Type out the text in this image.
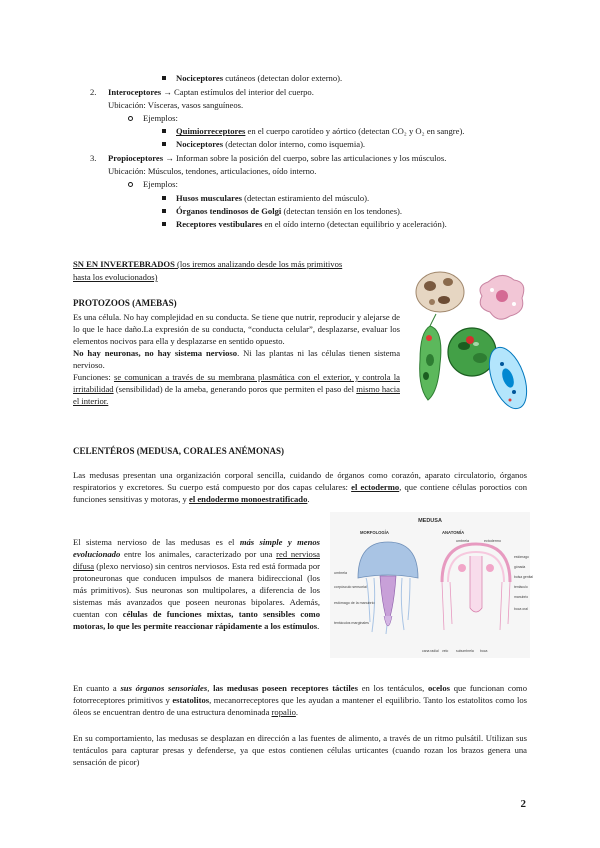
Nociceptores cutáneos (detectan dolor externo).
2. Interoceptores → Captan estímulos del interior del cuerpo.
Ubicación: Vísceras, vasos sanguíneos.
Ejemplos:
Quimiorreceptores en el cuerpo carotídeo y aórtico (detectan CO₂ y O₂ en sangre).
Nociceptores (detectan dolor interno, como isquemia).
3. Propioceptores → Informan sobre la posición del cuerpo, sobre las articulaciones y los músculos.
Ubicación: Músculos, tendones, articulaciones, oído interno.
Ejemplos:
Husos musculares (detectan estiramiento del músculo).
Órganos tendinosos de Golgi (detectan tensión en los tendones).
Receptores vestibulares en el oído interno (detectan equilibrio y aceleración).
SN EN INVERTEBRADOS (los iremos analizando desde los más primitivos
hasta los evolucionados)
PROTOZOOS (AMEBAS)

Es una célula. No hay complejidad en su conducta. Se tiene que nutrir, reproducir y alejarse de lo que le hace daño.La expresión de su conducta, “conducta celular”, desplazarse, evaluar los elementos nocivos para ella y desplazarse en sentido opuesto.

No hay neuronas, no hay sistema nervioso. Ni las plantas ni las células tienen sistema nervioso.

Funciones: se comunican a través de su membrana plasmática con el exterior, y controla la irritabilidad (sensibilidad) de la ameba, generando poros que permiten el paso del mismo hacia el interior.

CELENTÉROS (MEDUSA, CORALES ANÉMONAS)

Las medusas presentan una organización corporal sencilla, cuidando de órganos como corazón, aparato circulatorio, órganos respiratorios y excretores. Su cuerpo está compuesto por dos capas celulares: el ectodermo, que contiene células poroctios con funciones sensitivas y motoras, y el endodermo monoestratificado.

El sistema nervioso de las medusas es el más simple y menos evolucionado entre los animales, caracterizado por una red nerviosa difusa (plexo nervioso) sin centros nerviosos. Esta red está formada por protoneuronas que conducen impulsos de manera bidireccional (los más primitivos). Sus neuronas son multipolares, a diferencia de los sistemas más avanzados que poseen neuronas bipolares. Además, cuentan con células de funciones mixtas, tanto sensibles como motoras, lo que les permite reaccionar rápidamente a los estímulos.

MEDUSA
MORFOLOGÍA	ANATOMÍA
umbrela
corpúsculo sensorial
estómago de la manubrio
tentáculos marginales
umbrela	ectodermo
estómago
gónada
bolsa genital
tentáculo
manubrio
boca oral
cana radial velo subumbrela boca

En cuanto a sus órganos sensoriales, las medusas poseen receptores táctiles en los tentáculos, ocelos que funcionan como fotorreceptores primitivos y estatolitos, mecanorreceptores que les ayudan a mantener el equilibrio. Tanto los estatolitos como los óleos se encuentran dentro de una estructura denominada ropalio.

En su comportamiento, las medusas se desplazan en dirección a las fuentes de alimento, a través de un ritmo pulsátil. Utilizan sus tentáculos para capturar presas y defenderse, ya que estos contienen células urticantes (cuando rozan los brazos genera una sensación de picor)

2
